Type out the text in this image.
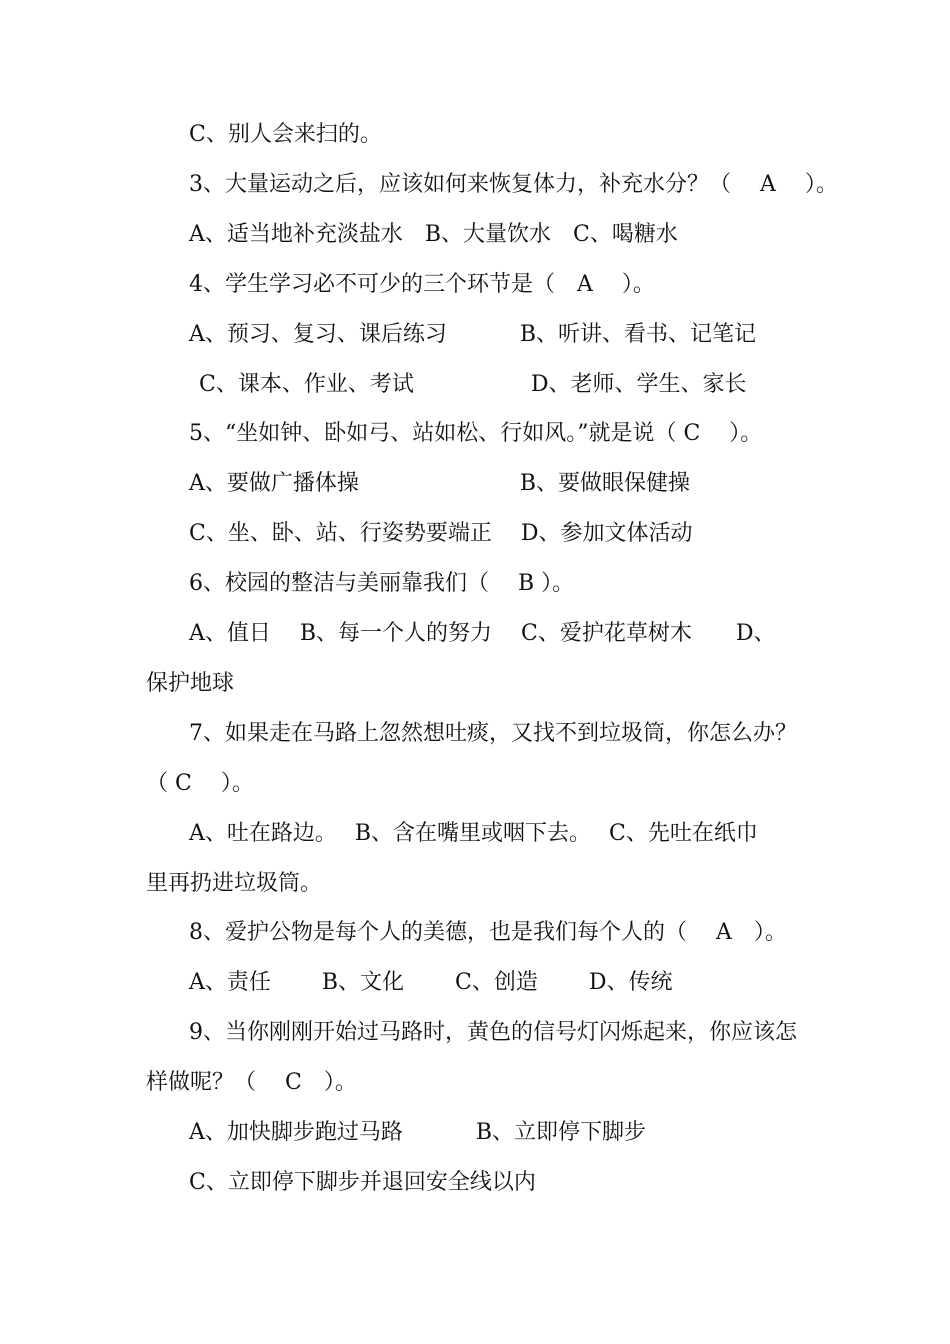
C、别人会来扫的。
3、大量运动之后，应该如何来恢复体力，补充水分？（　 A　 ）。
A、适当地补充淡盐水　B、大量饮水　C、喝糖水
4、学生学习必不可少的三个环节是（　A　 ）。
A、预习、复习、课后练习　　　 B、听讲、看书、记笔记
C、课本、作业、考试　　　　　 D、老师、学生、家长
5、“坐如钟、卧如弓、站如松、行如风。”就是说（ C　 ）。
A、要做广播体操　　　　　　　 B、要做眼保健操
C、坐、卧、站、行姿势要端正　 D、参加文体活动
6、校园的整洁与美丽靠我们（　 B ）。
A、值日　 B、每一个人的努力　 C、爱护花草树木　　D、
保护地球
7、如果走在马路上忽然想吐痰，又找不到垃圾筒，你怎么办？
（ C　 ）。
A、吐在路边。　 B、含在嘴里或咽下去。　 C、先吐在纸巾
里再扔进垃圾筒。
8、爱护公物是每个人的美德，也是我们每个人的（　 A　）。
A、责任　　 B、文化　　 C、创造　　 D、传统
9、当你刚刚开始过马路时，黄色的信号灯闪烁起来，你应该怎
样做呢？（　 C　）。
A、加快脚步跑过马路　　　 B、立即停下脚步
C、立即停下脚步并退回安全线以内
